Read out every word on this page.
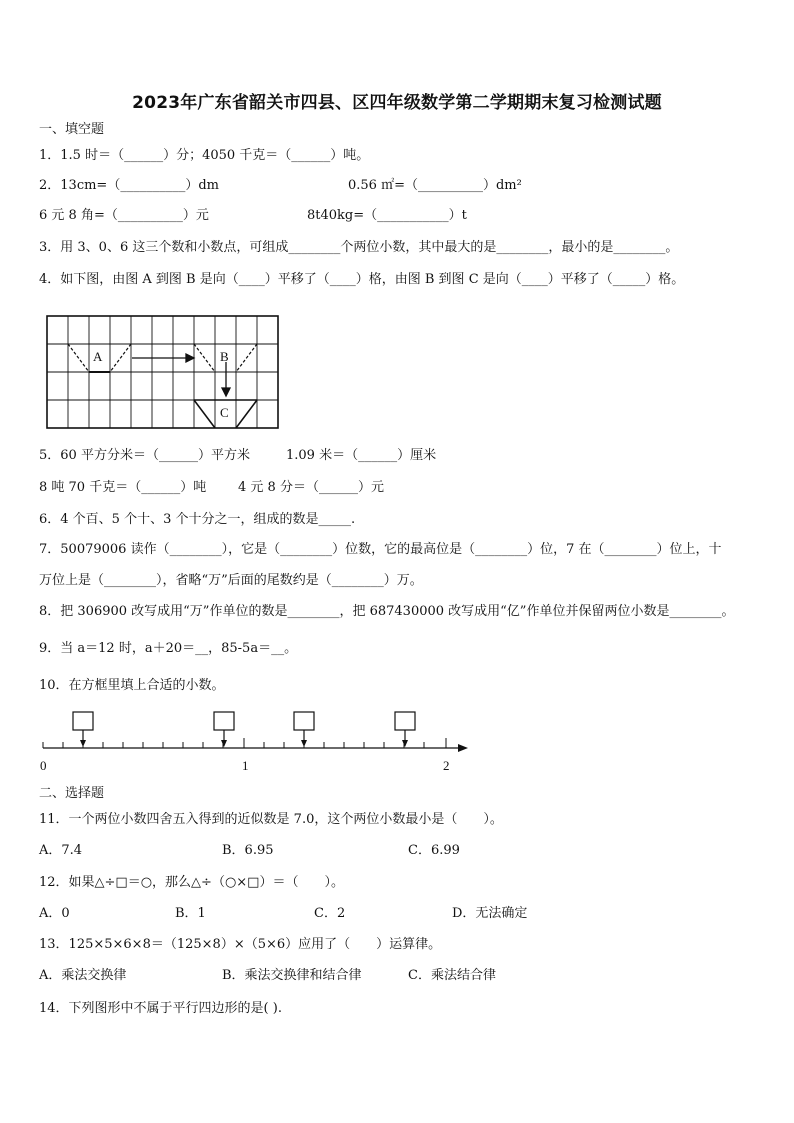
2023年广东省韶关市四县、区四年级数学第二学期期末复习检测试题
一、填空题
1．1.5 时＝（______）分；4050 千克＝（______）吨。
2．13cm=（__________）dm	0.56 ㎡=（__________）dm²
6 元 8 角=（__________）元	8t40kg=（___________）t
3．用 3、0、6 这三个数和小数点，可组成________个两位小数，其中最大的是________，最小的是________。
4．如下图，由图 A 到图 B 是向（____）平移了（____）格，由图 B 到图 C 是向（____）平移了（_____）格。
A	B
C
5．60 平方分米＝（______）平方米	1.09 米＝（______）厘米
8 吨 70 千克＝（______）吨 4 元 8 分＝（______）元
6．4 个百、5 个十、3 个十分之一，组成的数是_____.
7．50079006 读作（________），它是（________）位数，它的最高位是（________）位，7 在（________）位上，十
万位上是（________），省略“万”后面的尾数约是（________）万。
8．把 306900 改写成用“万”作单位的数是________，把 687430000 改写成用“亿”作单位并保留两位小数是________。
9．当 a＝12 时，a＋20＝__，85-5a＝__。
10．在方框里填上合适的小数。
0	1	2
二、选择题
11．一个两位小数四舍五入得到的近似数是 7.0，这个两位小数最小是（　　）。
A．7.4	B．6.95	C．6.99
12．如果△÷□＝○，那么△÷（○×□）＝（　　）。
A．0	B．1	C．2	D．无法确定
13．125×5×6×8＝（125×8）×（5×6）应用了（　　）运算律。
A．乘法交换律	B．乘法交换律和结合律	C．乘法结合律
14．下列图形中不属于平行四边形的是( ).
